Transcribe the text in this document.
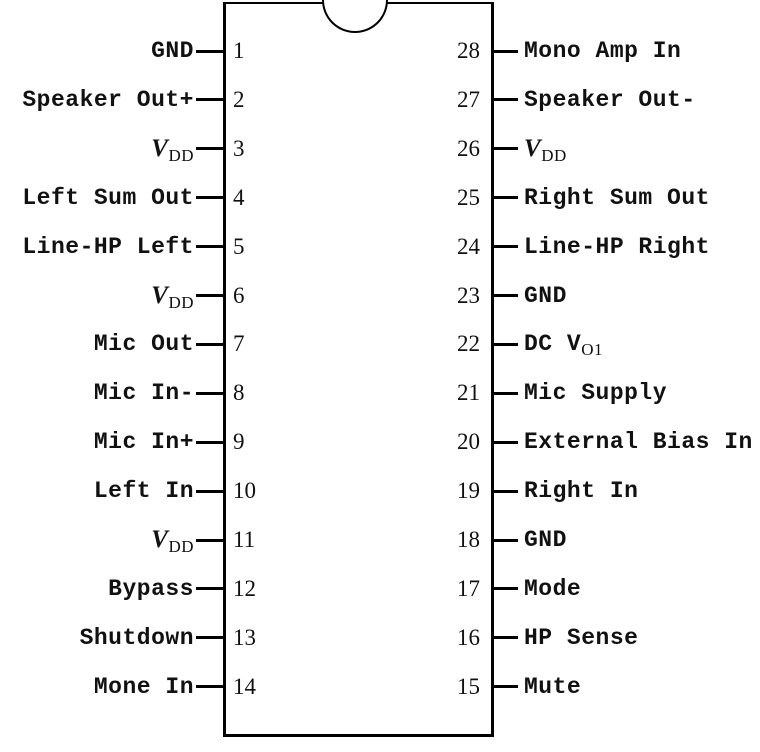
GND 1
Speaker Out+ 2
$V_{DD}$ 3
Left Sum Out 4
Line-HP Left 5
$V_{DD}$ 6
Mic Out 7
Mic In- 8
Mic In+ 9
Left In 10
$V_{DD}$ 11
Bypass 12
Shutdown 13
Mone In 14
Mono Amp In
28
Speaker Out-
27
$V_{DD}$
26
Right Sum Out
25
Line-HP Right
24
GND
23
DC $V_{O1}$
22
Mic Supply
21
External Bias In
20
Right In
19
GND
18
Mode
17
HP Sense
16
Mute
15
